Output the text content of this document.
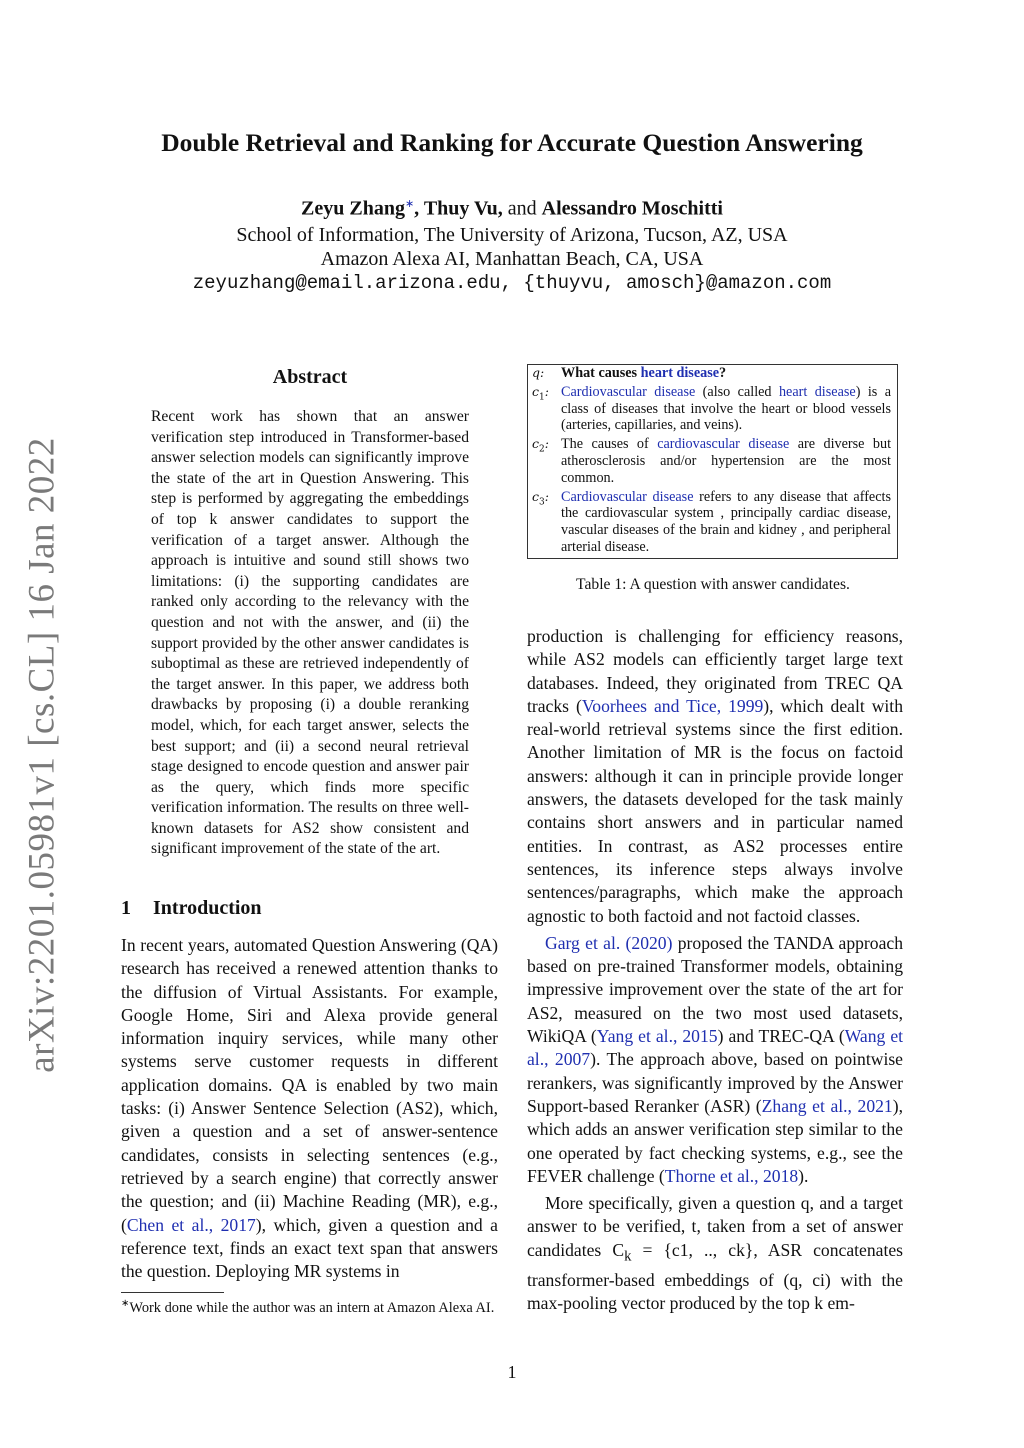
arXiv:2201.05981v1 [cs.CL] 16 Jan 2022
Double Retrieval and Ranking for Accurate Question Answering
Zeyu Zhang∗, Thuy Vu, and Alessandro Moschitti
School of Information, The University of Arizona, Tucson, AZ, USA
Amazon Alexa AI, Manhattan Beach, CA, USA
zeyuzhang@email.arizona.edu, {thuyvu, amosch}@amazon.com
Abstract
Recent work has shown that an answer verification step introduced in Transformer-based answer selection models can significantly improve the state of the art in Question Answering. This step is performed by aggregating the embeddings of top k answer candidates to support the verification of a target answer. Although the approach is intuitive and sound still shows two limitations: (i) the supporting candidates are ranked only according to the relevancy with the question and not with the answer, and (ii) the support provided by the other answer candidates is suboptimal as these are retrieved independently of the target answer. In this paper, we address both drawbacks by proposing (i) a double reranking model, which, for each target answer, selects the best support; and (ii) a second neural retrieval stage designed to encode question and answer pair as the query, which finds more specific verification information. The results on three well-known datasets for AS2 show consistent and significant improvement of the state of the art.
1 Introduction

In recent years, automated Question Answering (QA) research has received a renewed attention thanks to the diffusion of Virtual Assistants. For example, Google Home, Siri and Alexa provide general information inquiry services, while many other systems serve customer requests in different application domains. QA is enabled by two main tasks: (i) Answer Sentence Selection (AS2), which, given a question and a set of answer-sentence candidates, consists in selecting sentences (e.g., retrieved by a search engine) that correctly answer the question; and (ii) Machine Reading (MR), e.g., (Chen et al., 2017), which, given a question and a reference text, finds an exact text span that answers the question. Deploying MR systems in

∗Work done while the author was an intern at Amazon Alexa AI.
q:	What causes heart disease?
$c_1$: Cardiovascular disease (also called heart disease) is a class of diseases that involve the heart or blood vessels (arteries, capillaries, and veins).
$c_2$: The causes of cardiovascular disease are diverse but atherosclerosis and/or hypertension are the most common.
$c_3$: Cardiovascular disease refers to any disease that affects the cardiovascular system , principally cardiac disease, vascular diseases of the brain and kidney , and peripheral arterial disease.
Table 1: A question with answer candidates.

production is challenging for efficiency reasons, while AS2 models can efficiently target large text databases. Indeed, they originated from TREC QA tracks (Voorhees and Tice, 1999), which dealt with real-world retrieval systems since the first edition. Another limitation of MR is the focus on factoid answers: although it can in principle provide longer answers, the datasets developed for the task mainly contains short answers and in particular named entities. In contrast, as AS2 processes entire sentences, its inference steps always involve sentences/paragraphs, which make the approach agnostic to both factoid and not factoid classes.

Garg et al. (2020) proposed the TANDA approach based on pre-trained Transformer models, obtaining impressive improvement over the state of the art for AS2, measured on the two most used datasets, WikiQA (Yang et al., 2015) and TREC-QA (Wang et al., 2007). The approach above, based on pointwise rerankers, was significantly improved by the Answer Support-based Reranker (ASR) (Zhang et al., 2021), which adds an answer verification step similar to the one operated by fact checking systems, e.g., see the FEVER challenge (Thorne et al., 2018).

More specifically, given a question q, and a target answer to be verified, t, taken from a set of answer candidates $C_k = \{c1$, .., ck}, ASR concatenates transformer-based embeddings of (q, ci) with the max-pooling vector produced by the top k em-

1
